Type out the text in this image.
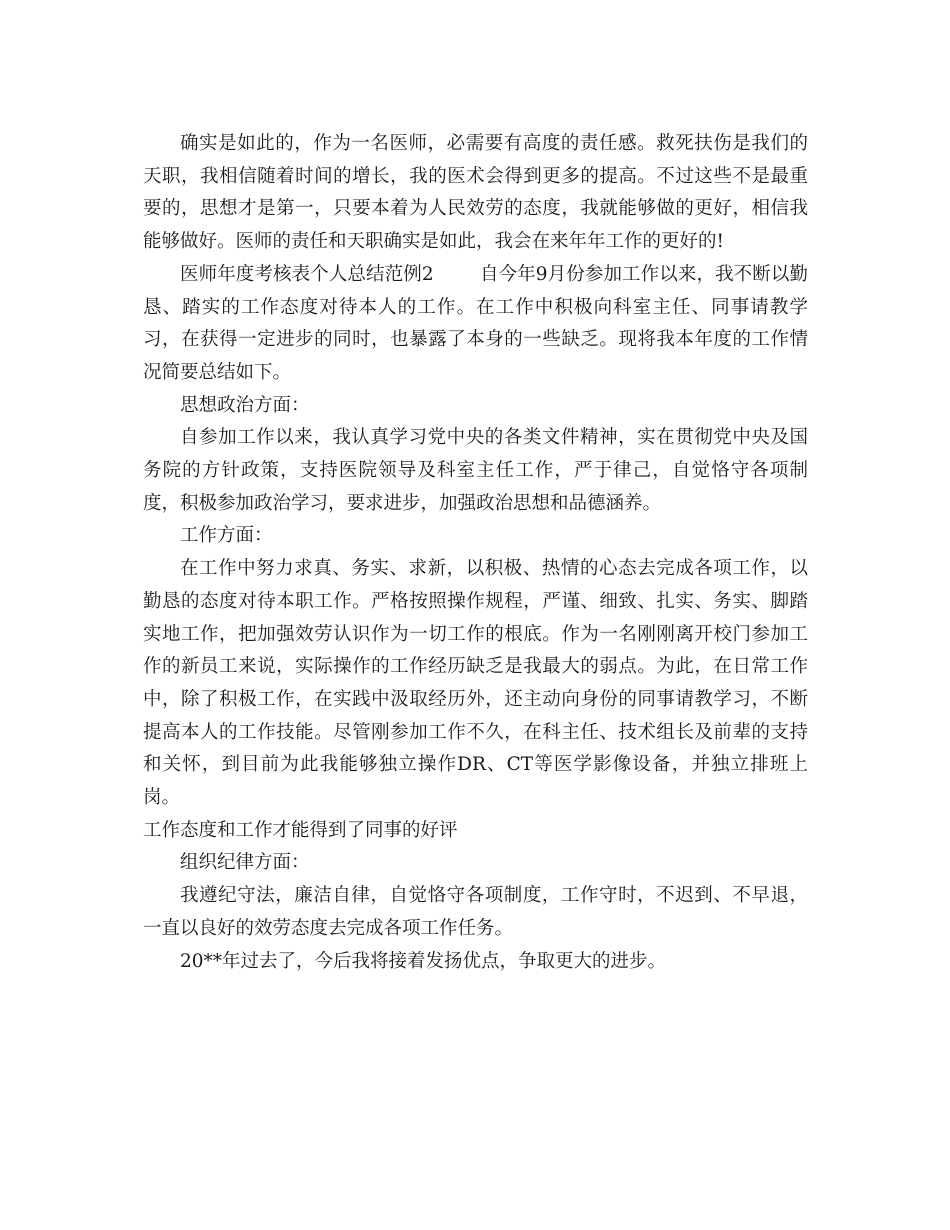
确实是如此的，作为一名医师，必需要有高度的责任感。救死扶伤是我们的天职，我相信随着时间的增长，我的医术会得到更多的提高。不过这些不是最重要的，思想才是第一，只要本着为人民效劳的态度，我就能够做的更好，相信我能够做好。医师的责任和天职确实是如此，我会在来年年工作的更好的!

医师年度考核表个人总结范例2	自今年9月份参加工作以来，我不断以勤恳、踏实的工作态度对待本人的工作。在工作中积极向科室主任、同事请教学习，在获得一定进步的同时，也暴露了本身的一些缺乏。现将我本年度的工作情况简要总结如下。

思想政治方面：

自参加工作以来，我认真学习党中央的各类文件精神，实在贯彻党中央及国务院的方针政策，支持医院领导及科室主任工作，严于律己，自觉恪守各项制度，积极参加政治学习，要求进步，加强政治思想和品德涵养。

工作方面：

在工作中努力求真、务实、求新，以积极、热情的心态去完成各项工作，以勤恳的态度对待本职工作。严格按照操作规程，严谨、细致、扎实、务实、脚踏实地工作，把加强效劳认识作为一切工作的根底。作为一名刚刚离开校门参加工作的新员工来说，实际操作的工作经历缺乏是我最大的弱点。为此，在日常工作中，除了积极工作，在实践中汲取经历外，还主动向身份的同事请教学习，不断提高本人的工作技能。尽管刚参加工作不久，在科主任、技术组长及前辈的支持和关怀，到目前为此我能够独立操作DR、CT等医学影像设备，并独立排班上岗。

工作态度和工作才能得到了同事的好评

组织纪律方面：

我遵纪守法，廉洁自律，自觉恪守各项制度，工作守时，不迟到、不早退，一直以良好的效劳态度去完成各项工作任务。

20**年过去了，今后我将接着发扬优点，争取更大的进步。
